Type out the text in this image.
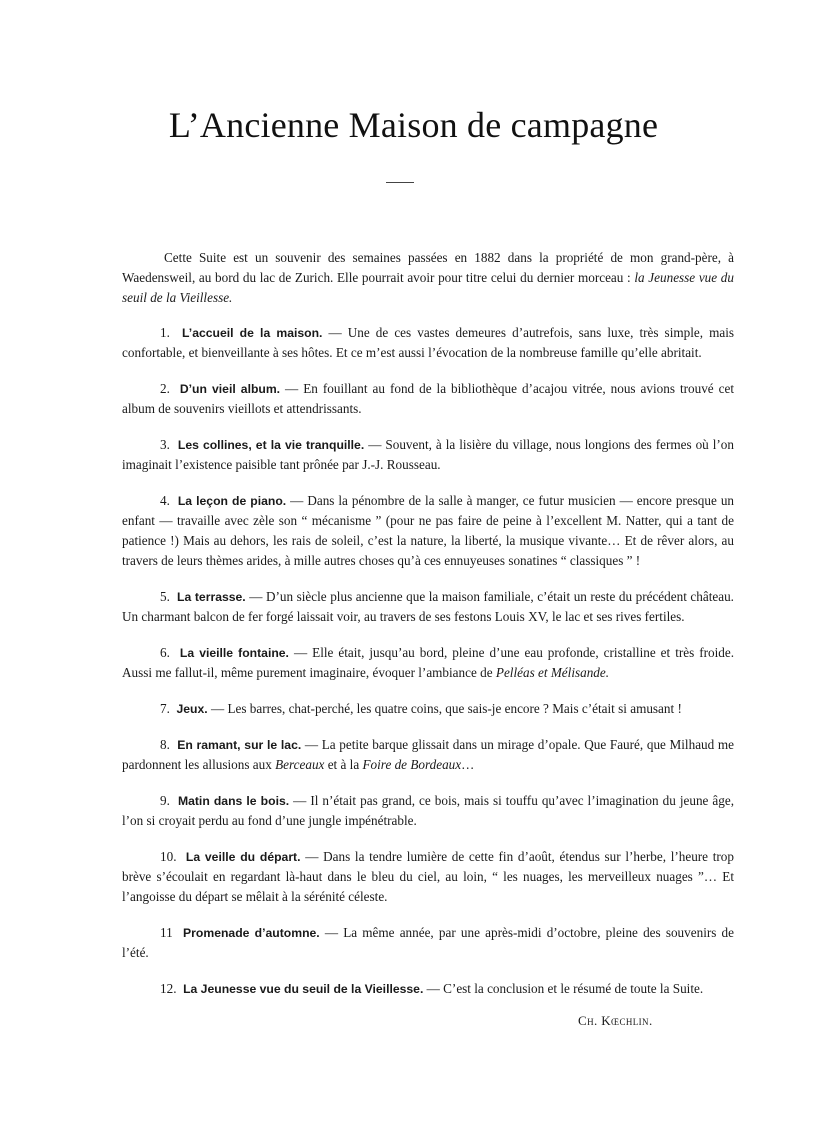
L’Ancienne Maison de campagne

Cette Suite est un souvenir des semaines passées en 1882 dans la propriété de mon grand-père, à Waedensweil, au bord du lac de Zurich. Elle pourrait avoir pour titre celui du dernier morceau : la Jeunesse vue du seuil de la Vieillesse.

1. L’accueil de la maison. — Une de ces vastes demeures d’autrefois, sans luxe, très simple, mais confortable, et bienveillante à ses hôtes. Et ce m’est aussi l’évocation de la nombreuse famille qu’elle abritait.

2. D’un vieil album. — En fouillant au fond de la bibliothèque d’acajou vitrée, nous avions trouvé cet album de souvenirs vieillots et attendrissants.

3. Les collines, et la vie tranquille. — Souvent, à la lisière du village, nous longions des fermes où l’on imaginait l’existence paisible tant prônée par J.-J. Rousseau.

4. La leçon de piano. — Dans la pénombre de la salle à manger, ce futur musicien — encore presque un enfant — travaille avec zèle son “ mécanisme ” (pour ne pas faire de peine à l’excellent M. Natter, qui a tant de patience !) Mais au dehors, les rais de soleil, c’est la nature, la liberté, la musique vivante… Et de rêver alors, au travers de leurs thèmes arides, à mille autres choses qu’à ces ennuyeuses sonatines “ classiques ” !

5. La terrasse. — D’un siècle plus ancienne que la maison familiale, c’était un reste du précédent château. Un charmant balcon de fer forgé laissait voir, au travers de ses festons Louis XV, le lac et ses rives fertiles.

6. La vieille fontaine. — Elle était, jusqu’au bord, pleine d’une eau profonde, cristalline et très froide. Aussi me fallut-il, même purement imaginaire, évoquer l’ambiance de Pelléas et Mélisande.

7. Jeux. — Les barres, chat-perché, les quatre coins, que sais-je encore ? Mais c’était si amusant !

8. En ramant, sur le lac. — La petite barque glissait dans un mirage d’opale. Que Fauré, que Milhaud me pardonnent les allusions aux Berceaux et à la Foire de Bordeaux…

9. Matin dans le bois. — Il n’était pas grand, ce bois, mais si touffu qu’avec l’imagination du jeune âge, l’on si croyait perdu au fond d’une jungle impénétrable.

10. La veille du départ. — Dans la tendre lumière de cette fin d’août, étendus sur l’herbe, l’heure trop brève s’écoulait en regardant là-haut dans le bleu du ciel, au loin, “ les nuages, les merveilleux nuages ”… Et l’angoisse du départ se mêlait à la sérénité céleste.

11 Promenade d’automne. — La même année, par une après-midi d’octobre, pleine des souvenirs de l’été.

12. La Jeunesse vue du seuil de la Vieillesse. — C’est la conclusion et le résumé de toute la Suite.

Ch. Kœchlin.
